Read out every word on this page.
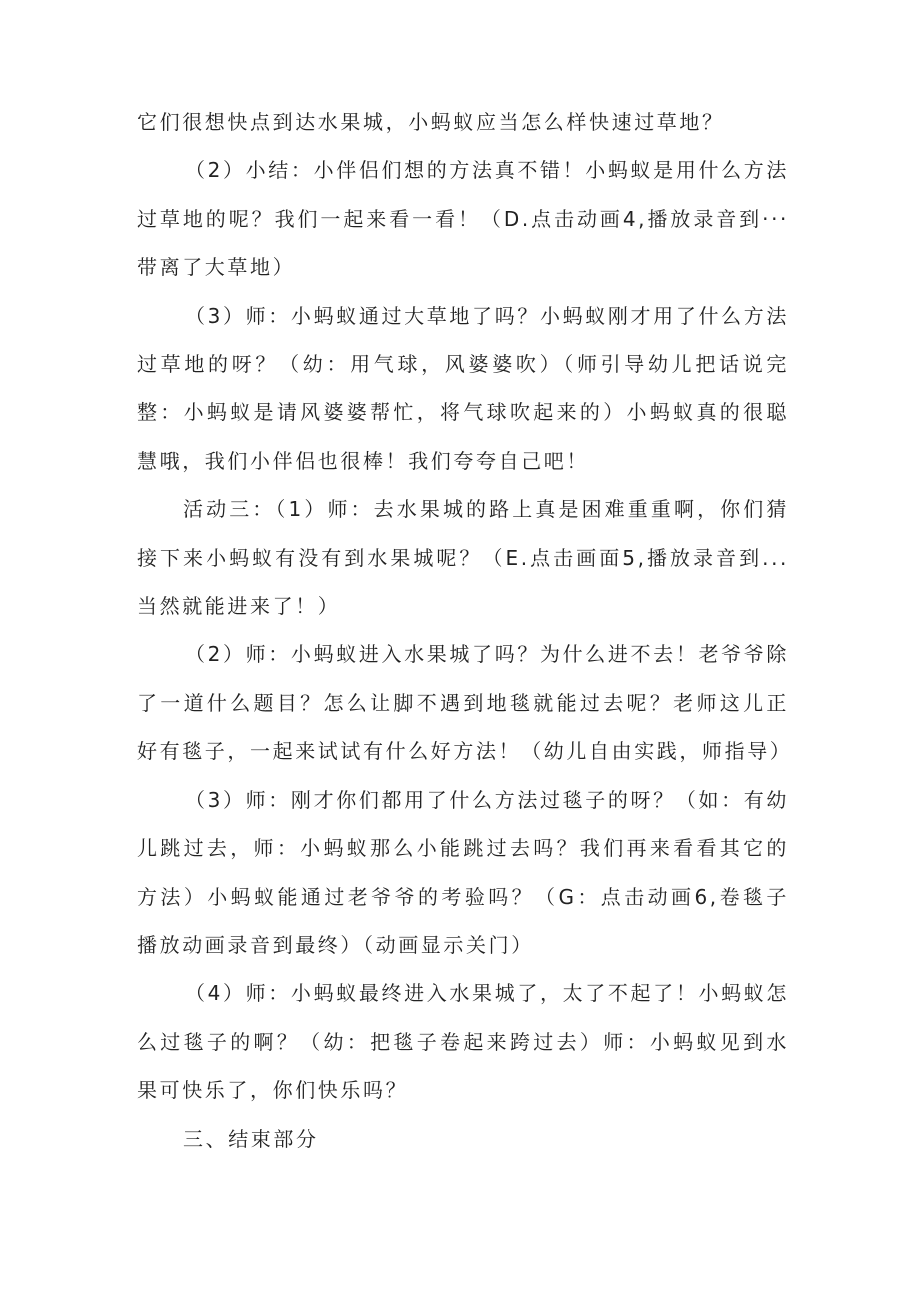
它们很想快点到达水果城，小蚂蚁应当怎么样快速过草地？

（2）小结：小伴侣们想的方法真不错！小蚂蚁是用什么方法过草地的呢？我们一起来看一看！（D.点击动画4,播放录音到···带离了大草地）

（3）师：小蚂蚁通过大草地了吗？小蚂蚁刚才用了什么方法过草地的呀？（幼：用气球，风婆婆吹）（师引导幼儿把话说完整：小蚂蚁是请风婆婆帮忙，将气球吹起来的）小蚂蚁真的很聪慧哦，我们小伴侣也很棒！我们夸夸自己吧！

活动三：（1）师：去水果城的路上真是困难重重啊，你们猜接下来小蚂蚁有没有到水果城呢？（E.点击画面5,播放录音到...当然就能进来了！）

（2）师：小蚂蚁进入水果城了吗？为什么进不去！老爷爷除了一道什么题目？怎么让脚不遇到地毯就能过去呢？老师这儿正好有毯子，一起来试试有什么好方法！（幼儿自由实践，师指导）

（3）师：刚才你们都用了什么方法过毯子的呀？（如：有幼儿跳过去，师：小蚂蚁那么小能跳过去吗？我们再来看看其它的方法）小蚂蚁能通过老爷爷的考验吗？（G：点击动画6,卷毯子播放动画录音到最终）（动画显示关门）

（4）师：小蚂蚁最终进入水果城了，太了不起了！小蚂蚁怎么过毯子的啊？（幼：把毯子卷起来跨过去）师：小蚂蚁见到水果可快乐了，你们快乐吗？

三、结束部分
